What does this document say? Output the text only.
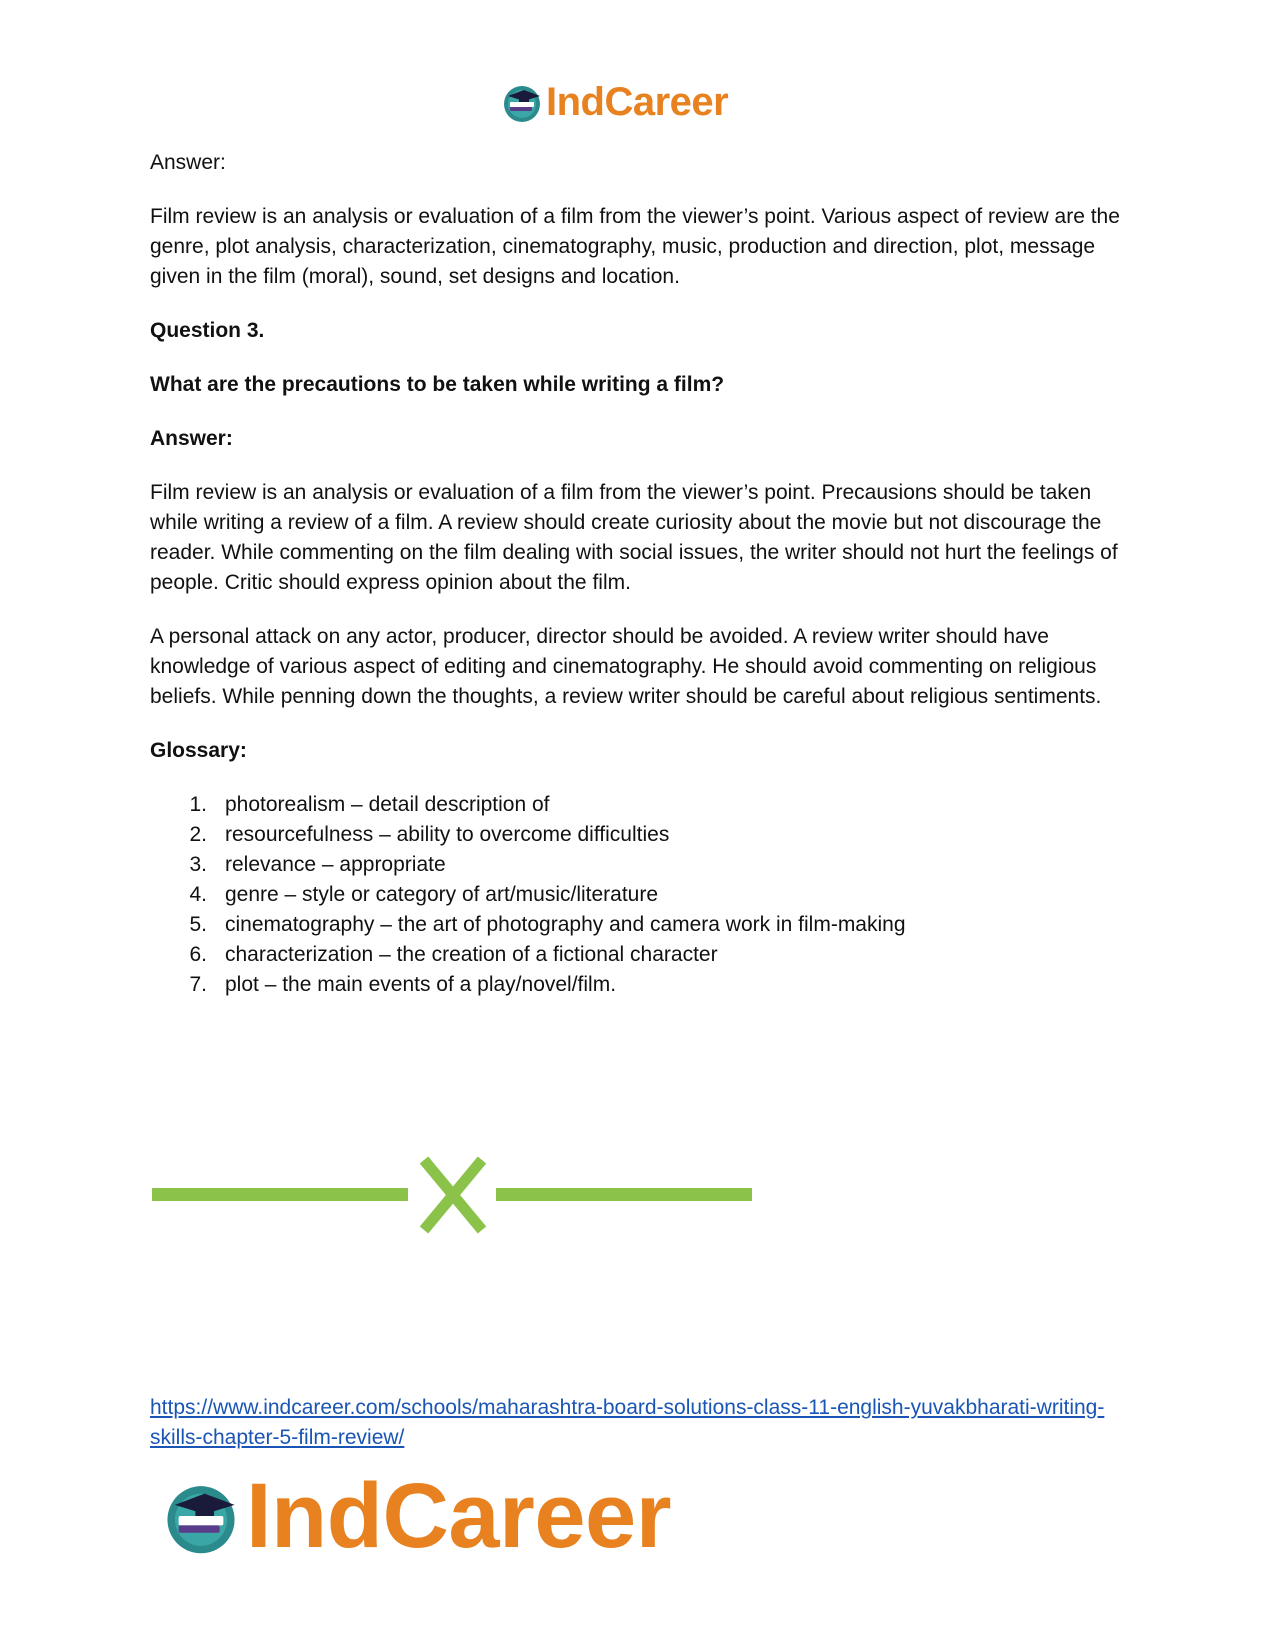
IndCareer

Answer:

Film review is an analysis or evaluation of a film from the viewer’s point. Various aspect of review are the genre, plot analysis, characterization, cinematography, music, production and direction, plot, message given in the film (moral), sound, set designs and location.

Question 3.

What are the precautions to be taken while writing a film?

Answer:

Film review is an analysis or evaluation of a film from the viewer’s point. Precausions should be taken while writing a review of a film. A review should create curiosity about the movie but not discourage the reader. While commenting on the film dealing with social issues, the writer should not hurt the feelings of people. Critic should express opinion about the film.

A personal attack on any actor, producer, director should be avoided. A review writer should have knowledge of various aspect of editing and cinematography. He should avoid commenting on religious beliefs. While penning down the thoughts, a review writer should be careful about religious sentiments.

Glossary:

1. photorealism – detail description of
2. resourcefulness – ability to overcome difficulties
3. relevance – appropriate
4. genre – style or category of art/music/literature
5. cinematography – the art of photography and camera work in film-making
6. characterization – the creation of a fictional character
7. plot – the main events of a play/novel/film.
https://www.indcareer.com/schools/maharashtra-board-solutions-class-11-english-yuvakbharati-writing-skills-chapter-5-film-review/
IndCareer
